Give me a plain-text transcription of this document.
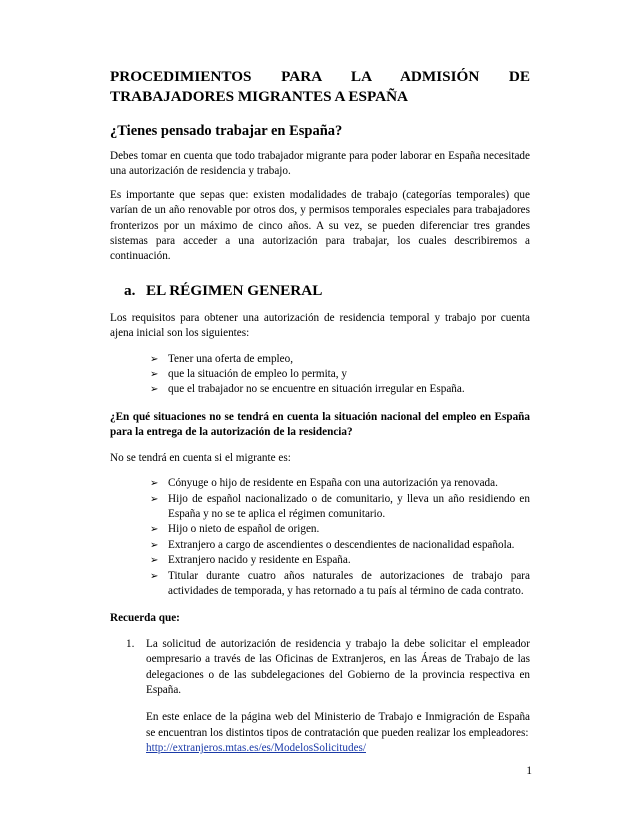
PROCEDIMIENTOS PARA LA ADMISIÓN DE TRABAJADORES MIGRANTES A ESPAÑA
¿Tienes pensado trabajar en España?

Debes tomar en cuenta que todo trabajador migrante para poder laborar en España necesitade una autorización de residencia y trabajo.

Es importante que sepas que: existen modalidades de trabajo (categorías temporales) que varían de un año renovable por otros dos, y permisos temporales especiales para trabajadores fronterizos por un máximo de cinco años. A su vez, se pueden diferenciar tres grandes sistemas para acceder a una autorización para trabajar, los cuales describiremos a continuación.

a. EL RÉGIMEN GENERAL

Los requisitos para obtener una autorización de residencia temporal y trabajo por cuenta ajena inicial son los siguientes:

➢ Tener una oferta de empleo,
➢ que la situación de empleo lo permita, y
➢ que el trabajador no se encuentre en situación irregular en España.

¿En qué situaciones no se tendrá en cuenta la situación nacional del empleo en España para la entrega de la autorización de la residencia?

No se tendrá en cuenta si el migrante es:

➢ Cónyuge o hijo de residente en España con una autorización ya renovada.
➢ Hijo de español nacionalizado o de comunitario, y lleva un año residiendo en España y no se te aplica el régimen comunitario.
➢ Hijo o nieto de español de origen.
➢ Extranjero a cargo de ascendientes o descendientes de nacionalidad española.
➢ Extranjero nacido y residente en España.
➢ Titular durante cuatro años naturales de autorizaciones de trabajo para actividades de temporada, y has retornado a tu país al término de cada contrato.

Recuerda que:

1. La solicitud de autorización de residencia y trabajo la debe solicitar el empleador oempresario a través de las Oficinas de Extranjeros, en las Áreas de Trabajo de las delegaciones o de las subdelegaciones del Gobierno de la provincia respectiva en España.

En este enlace de la página web del Ministerio de Trabajo e Inmigración de España se encuentran los distintos tipos de contratación que pueden realizar los empleadores:

http://extranjeros.mtas.es/es/ModelosSolicitudes/

1
